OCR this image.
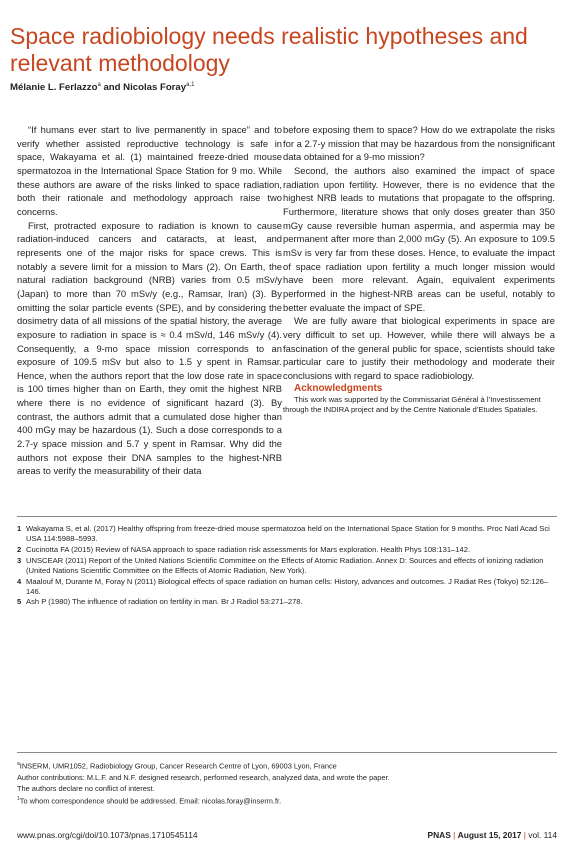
Space radiobiology needs realistic hypotheses and relevant methodology
Mélanie L. Ferlazzo$^a$ and Nicolas Foray$^{a,1}$

“If humans ever start to live permanently in space” and to verify whether assisted reproductive technology is safe in space, Wakayama et al. (1) maintained freeze-dried mouse spermatozoa in the International Space Station for 9 mo. While these authors are aware of the risks linked to space radiation, both their rationale and methodology approach raise two concerns.

First, protracted exposure to radiation is known to cause radiation-induced cancers and cataracts, at least, and represents one of the major risks for space crews. This is notably a severe limit for a mission to Mars (2). On Earth, the natural radiation background (NRB) varies from 0.5 mSv/y (Japan) to more than 70 mSv/y (e.g., Ramsar, Iran) (3). By omitting the solar particle events (SPE), and by considering the dosimetry data of all missions of the spatial history, the average exposure to radiation in space is ≈ 0.4 mSv/d, 146 mSv/y (4). Consequently, a 9-mo space mission corresponds to an exposure of 109.5 mSv but also to 1.5 y spent in Ramsar. Hence, when the authors report that the low dose rate in space is 100 times higher than on Earth, they omit the highest NRB where there is no evidence of significant hazard (3). By contrast, the authors admit that a cumulated dose higher than 400 mGy may be hazardous (1). Such a dose corresponds to a 2.7-y space mission and 5.7 y spent in Ramsar. Why did the authors not expose their DNA samples to the highest-NRB areas to verify the measurability of their data

before exposing them to space? How do we extrapolate the risks for a 2.7-y mission that may be hazardous from the nonsignificant data obtained for a 9-mo mission?

Second, the authors also examined the impact of space radiation upon fertility. However, there is no evidence that the highest NRB leads to mutations that propagate to the offspring. Furthermore, literature shows that only doses greater than 350 mGy cause reversible human aspermia, and aspermia may be permanent after more than 2,000 mGy (5). An exposure to 109.5 mSv is very far from these doses. Hence, to evaluate the impact of space radiation upon fertility a much longer mission would have been more relevant. Again, equivalent experiments performed in the highest-NRB areas can be useful, notably to better evaluate the impact of SPE.

We are fully aware that biological experiments in space are very difficult to set up. However, while there will always be a fascination of the general public for space, scientists should take particular care to justify their methodology and moderate their conclusions with regard to space radiobiology.

Acknowledgments

This work was supported by the Commissariat Général à l’Investissement through the INDIRA project and by the Centre Nationale d’Etudes Spatiales.

1 Wakayama S, et al. (2017) Healthy offspring from freeze-dried mouse spermatozoa held on the International Space Station for 9 months. Proc Natl Acad Sci USA 114:5988–5993.
2 Cucinotta FA (2015) Review of NASA approach to space radiation risk assessments for Mars exploration. Health Phys 108:131–142.
3 UNSCEAR (2011) Report of the United Nations Scientific Committee on the Effects of Atomic Radiation. Annex D: Sources and effects of ionizing radiation (United Nations Scientific Committee on the Effects of Atomic Radiation, New York).
4 Maalouf M, Durante M, Foray N (2011) Biological effects of space radiation on human cells: History, advances and outcomes. J Radiat Res (Tokyo) 52:126–146.
5 Ash P (1980) The influence of radiation on fertility in man. Br J Radiol 53:271–278.
$^a$INSERM, UMR1052, Radiobiology Group, Cancer Research Centre of Lyon, 69003 Lyon, France
Author contributions: M.L.F. and N.F. designed research, performed research, analyzed data, and wrote the paper.
The authors declare no conflict of interest.
$^1$To whom correspondence should be addressed. Email: nicolas.foray@inserm.fr.
www.pnas.org/cgi/doi/10.1073/pnas.1710545114	PNAS | August 15, 2017 | vol. 114
